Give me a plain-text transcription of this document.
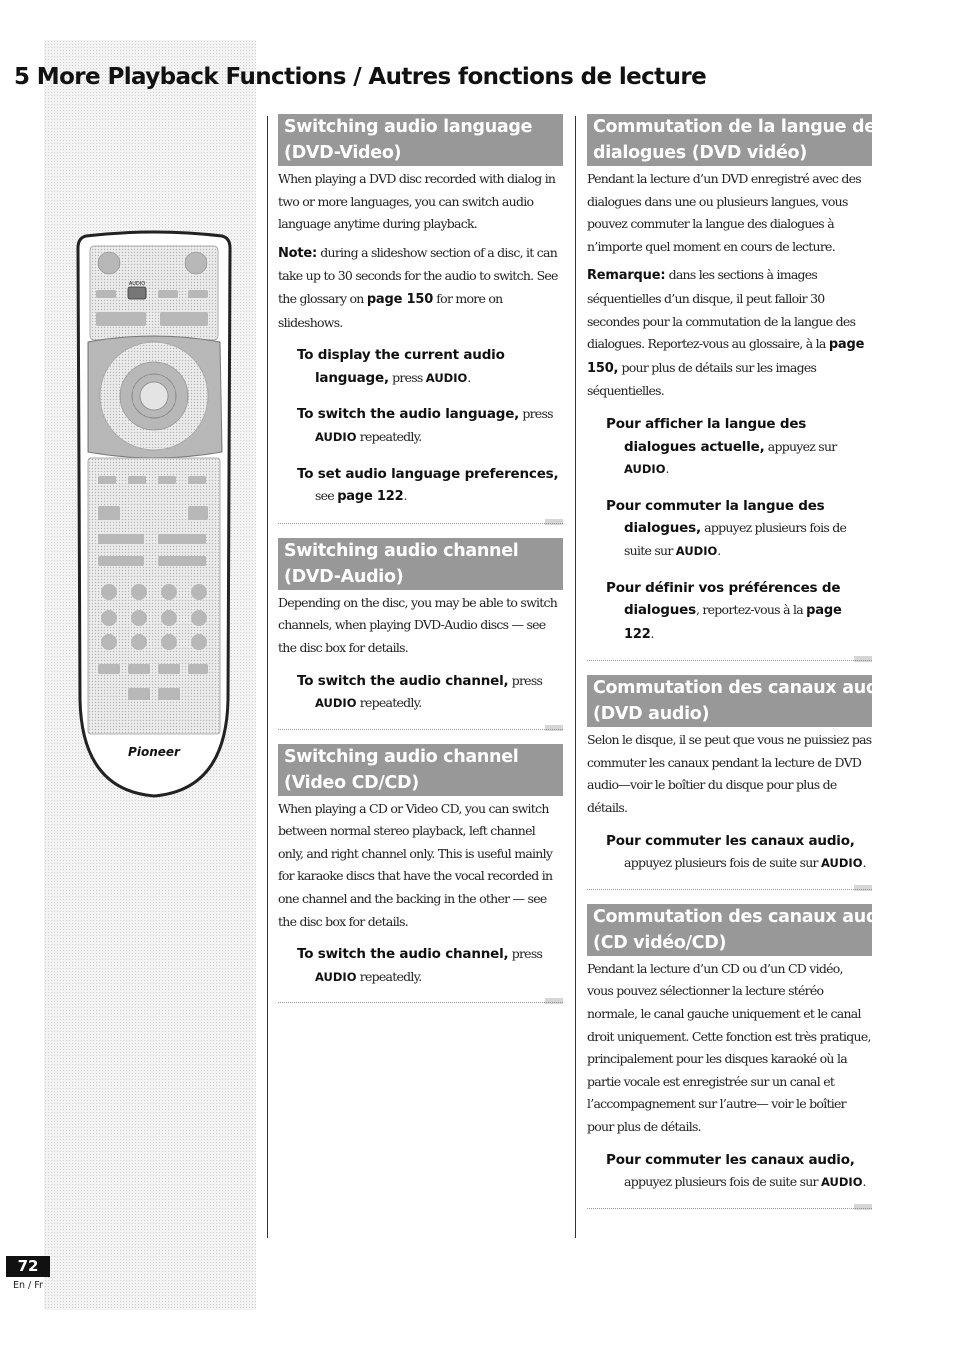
5 More Playback Functions / Autres fonctions de lecture
AUDIO
Pioneer
Switching audio language
(DVD-Video)

When playing a DVD disc recorded with dialog in two or more languages, you can switch audio language anytime during playback.

Note: during a slideshow section of a disc, it can take up to 30 seconds for the audio to switch. See the glossary on page 150 for more on slideshows.

To display the current audio language, press AUDIO.
To switch the audio language, press AUDIO repeatedly.
To set audio language preferences, see page 122.
Switching audio channel
(DVD-Audio)

Depending on the disc, you may be able to switch channels, when playing DVD-Audio discs — see the disc box for details.

To switch the audio channel, press AUDIO repeatedly.
Switching audio channel
(Video CD/CD)

When playing a CD or Video CD, you can switch between normal stereo playback, left channel only, and right channel only. This is useful mainly for karaoke discs that have the vocal recorded in one channel and the backing in the other — see the disc box for details.

To switch the audio channel, press AUDIO repeatedly.
Commutation de la langue des
dialogues (DVD vidéo)

Pendant la lecture d’un DVD enregistré avec des dialogues dans une ou plusieurs langues, vous pouvez commuter la langue des dialogues à n’importe quel moment en cours de lecture.

Remarque: dans les sections à images séquentielles d’un disque, il peut falloir 30 secondes pour la commutation de la langue des dialogues. Reportez-vous au glossaire, à la page 150, pour plus de détails sur les images séquentielles.

Pour afficher la langue des dialogues actuelle, appuyez sur AUDIO.
Pour commuter la langue des dialogues, appuyez plusieurs fois de suite sur AUDIO.
Pour définir vos préférences de dialogues, reportez-vous à la page 122.
Commutation des canaux audio
(DVD audio)

Selon le disque, il se peut que vous ne puissiez pas commuter les canaux pendant la lecture de DVD audio—voir le boîtier du disque pour plus de détails.

Pour commuter les canaux audio, appuyez plusieurs fois de suite sur AUDIO.
Commutation des canaux audio
(CD vidéo/CD)

Pendant la lecture d’un CD ou d’un CD vidéo, vous pouvez sélectionner la lecture stéréo normale, le canal gauche uniquement et le canal droit uniquement. Cette fonction est très pratique, principalement pour les disques karaoké où la partie vocale est enregistrée sur un canal et l’accompagnement sur l’autre— voir le boîtier pour plus de détails.

Pour commuter les canaux audio, appuyez plusieurs fois de suite sur AUDIO.
72
En / Fr
